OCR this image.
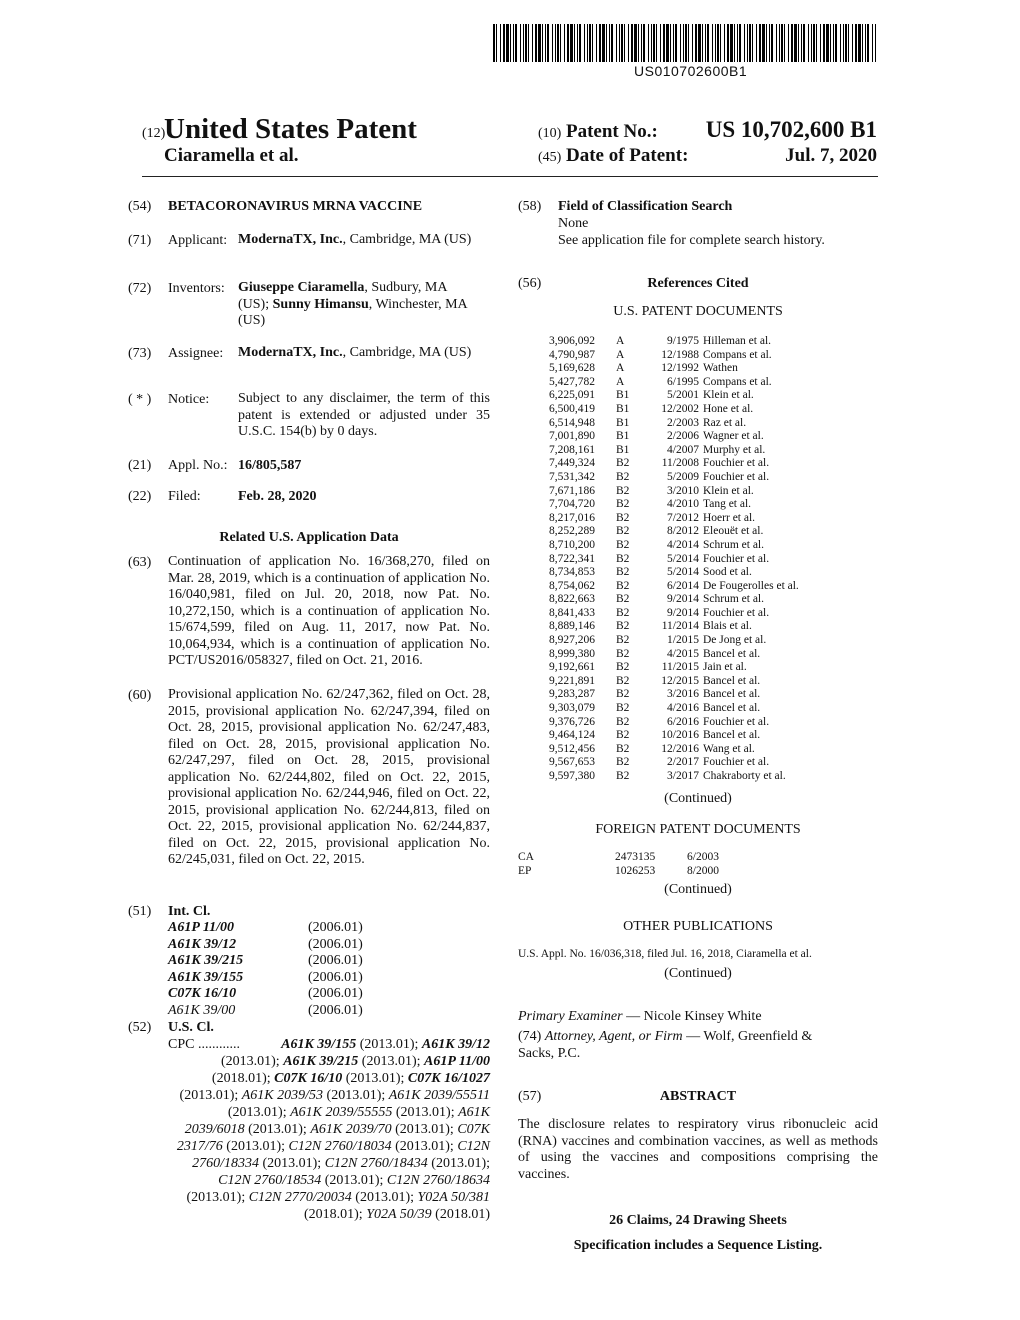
US010702600B1
(12)
United States Patent
Ciaramella et al.
(10) Patent No.: US 10,702,600 B1
(45) Date of Patent:	Jul. 7, 2020
(54) BETACORONAVIRUS MRNA VACCINE
(71) Applicant: ModernaTX, Inc., Cambridge, MA (US)
(72) Inventors: Giuseppe Ciaramella, Sudbury, MA (US); Sunny Himansu, Winchester, MA (US)
(73) Assignee: ModernaTX, Inc., Cambridge, MA (US)
( * ) Notice: Subject to any disclaimer, the term of this patent is extended or adjusted under 35 U.S.C. 154(b) by 0 days.
(21) Appl. No.: 16/805,587
(22) Filed:	Feb. 28, 2020
Related U.S. Application Data
(63) Continuation of application No. 16/368,270, filed on Mar. 28, 2019, which is a continuation of application No. 16/040,981, filed on Jul. 20, 2018, now Pat. No. 10,272,150, which is a continuation of application No. 15/674,599, filed on Aug. 11, 2017, now Pat. No. 10,064,934, which is a continuation of application No. PCT/US2016/058327, filed on Oct. 21, 2016.
(60) Provisional application No. 62/247,362, filed on Oct. 28, 2015, provisional application No. 62/247,394, filed on Oct. 28, 2015, provisional application No. 62/247,483, filed on Oct. 28, 2015, provisional application No. 62/247,297, filed on Oct. 28, 2015, provisional application No. 62/244,802, filed on Oct. 22, 2015, provisional application No. 62/244,946, filed on Oct. 22, 2015, provisional application No. 62/244,813, filed on Oct. 22, 2015, provisional application No. 62/244,837, filed on Oct. 22, 2015, provisional application No. 62/245,031, filed on Oct. 22, 2015.
(51) Int. Cl.
A61P 11/00	(2006.01)
A61K 39/12	(2006.01)
A61K 39/215	(2006.01)
A61K 39/155	(2006.01)
C07K 16/10	(2006.01)
A61K 39/00	(2006.01)
(52) U.S. Cl.
CPC ............	A61K 39/155 (2013.01); A61K 39/12 (2013.01); A61K 39/215 (2013.01); A61P 11/00 (2018.01); C07K 16/10 (2013.01); C07K 16/1027 (2013.01); A61K 2039/53 (2013.01); A61K 2039/55511 (2013.01); A61K 2039/55555 (2013.01); A61K 2039/6018 (2013.01); A61K 2039/70 (2013.01); C07K 2317/76 (2013.01); C12N 2760/18034 (2013.01); C12N 2760/18334 (2013.01); C12N 2760/18434 (2013.01); C12N 2760/18534 (2013.01); C12N 2760/18634 (2013.01); C12N 2770/20034 (2013.01); Y02A 50/381 (2018.01); Y02A 50/39 (2018.01)
(58) Field of Classification Search
None
See application file for complete search history.
(56)	References Cited
U.S. PATENT DOCUMENTS
3,906,092	A	9/1975 Hilleman et al.
4,790,987	A	12/1988 Compans et al.
5,169,628	A	12/1992 Wathen
5,427,782	A	6/1995 Compans et al.
6,225,091	B1	5/2001 Klein et al.
6,500,419	B1	12/2002 Hone et al.
6,514,948	B1	2/2003 Raz et al.
7,001,890	B1	2/2006 Wagner et al.
7,208,161	B1	4/2007 Murphy et al.
7,449,324	B2	11/2008 Fouchier et al.
7,531,342	B2	5/2009 Fouchier et al.
7,671,186	B2	3/2010 Klein et al.
7,704,720	B2	4/2010 Tang et al.
8,217,016	B2	7/2012 Hoerr et al.
8,252,289	B2	8/2012 Eleouët et al.
8,710,200	B2	4/2014 Schrum et al.
8,722,341	B2	5/2014 Fouchier et al.
8,734,853	B2	5/2014 Sood et al.
8,754,062	B2	6/2014 De Fougerolles et al.
8,822,663	B2	9/2014 Schrum et al.
8,841,433	B2	9/2014 Fouchier et al.
8,889,146	B2	11/2014 Blais et al.
8,927,206	B2	1/2015 De Jong et al.
8,999,380	B2	4/2015 Bancel et al.
9,192,661	B2	11/2015 Jain et al.
9,221,891	B2	12/2015 Bancel et al.
9,283,287	B2	3/2016 Bancel et al.
9,303,079	B2	4/2016 Bancel et al.
9,376,726	B2	6/2016 Fouchier et al.
9,464,124	B2	10/2016 Bancel et al.
9,512,456	B2	12/2016 Wang et al.
9,567,653	B2	2/2017 Fouchier et al.
9,597,380	B2	3/2017 Chakraborty et al.
(Continued)
FOREIGN PATENT DOCUMENTS
CA	2473135	6/2003
EP	1026253	8/2000
(Continued)
OTHER PUBLICATIONS
U.S. Appl. No. 16/036,318, filed Jul. 16, 2018, Ciaramella et al.
(Continued)
Primary Examiner — Nicole Kinsey White
(74) Attorney, Agent, or Firm — Wolf, Greenfield & Sacks, P.C.
(57)	ABSTRACT
The disclosure relates to respiratory virus ribonucleic acid (RNA) vaccines and combination vaccines, as well as methods of using the vaccines and compositions comprising the vaccines.
26 Claims, 24 Drawing Sheets
Specification includes a Sequence Listing.
